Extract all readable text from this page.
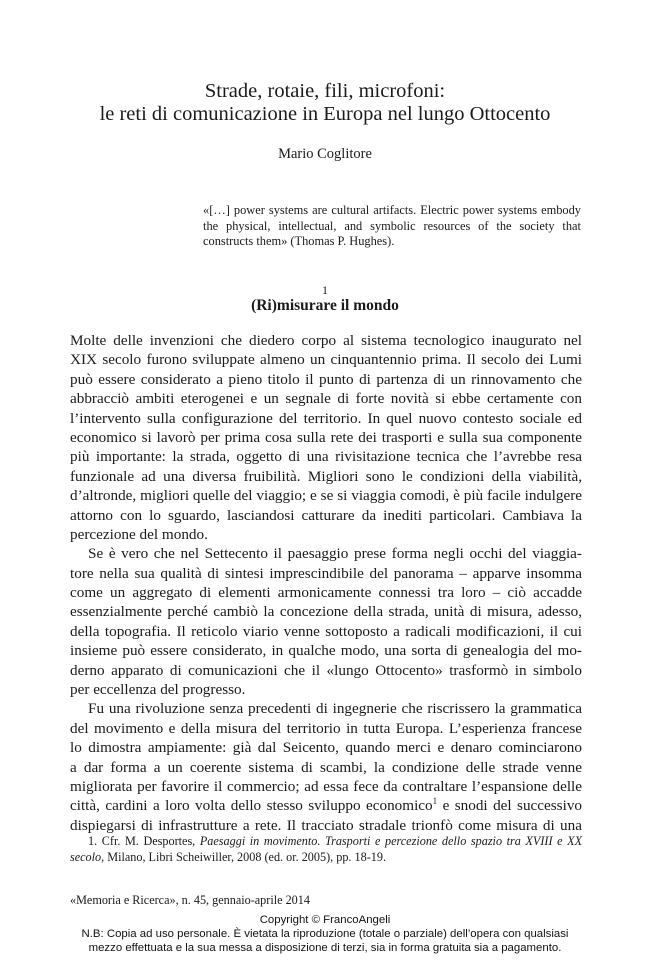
Strade, rotaie, fili, microfoni:
le reti di comunicazione in Europa nel lungo Ottocento
Mario Coglitore
«[…] power systems are cultural artifacts. Electric power systems embody the physical, intellectual, and symbolic resources of the society that constructs them» (Thomas P. Hughes).
1
(Ri)misurare il mondo
Molte delle invenzioni che diedero corpo al sistema tecnologico inaugurato nel
XIX secolo furono sviluppate almeno un cinquantennio prima. Il secolo dei Lumi
può essere considerato a pieno titolo il punto di partenza di un rinnovamento che
abbracciò ambiti eterogenei e un segnale di forte novità si ebbe certamente con
l’intervento sulla configurazione del territorio. In quel nuovo contesto sociale ed
economico si lavorò per prima cosa sulla rete dei trasporti e sulla sua componente
più importante: la strada, oggetto di una rivisitazione tecnica che l’avrebbe resa
funzionale ad una diversa fruibilità. Migliori sono le condizioni della viabilità,
d’altronde, migliori quelle del viaggio; e se si viaggia comodi, è più facile indulgere
attorno con lo sguardo, lasciandosi catturare da inediti particolari. Cambiava la
percezione del mondo.
Se è vero che nel Settecento il paesaggio prese forma negli occhi del viaggia-
tore nella sua qualità di sintesi imprescindibile del panorama – apparve insomma
come un aggregato di elementi armonicamente connessi tra loro – ciò accadde
essenzialmente perché cambiò la concezione della strada, unità di misura, adesso,
della topografia. Il reticolo viario venne sottoposto a radicali modificazioni, il cui
insieme può essere considerato, in qualche modo, una sorta di genealogia del mo-
derno apparato di comunicazioni che il «lungo Ottocento» trasformò in simbolo
per eccellenza del progresso.
Fu una rivoluzione senza precedenti di ingegnerie che riscrissero la grammatica
del movimento e della misura del territorio in tutta Europa. L’esperienza francese
lo dimostra ampiamente: già dal Seicento, quando merci e denaro cominciarono
a dar forma a un coerente sistema di scambi, la condizione delle strade venne
migliorata per favorire il commercio; ad essa fece da contraltare l’espansione delle
città, cardini a loro volta dello stesso sviluppo economico$^1$ e snodi del successivo
dispiegarsi di infrastrutture a rete. Il tracciato stradale trionfò come misura di una
1. Cfr. M. Desportes, Paesaggi in movimento. Trasporti e percezione dello spazio tra XVIII e XX
secolo, Milano, Libri Scheiwiller, 2008 (ed. or. 2005), pp. 18-19.
«Memoria e Ricerca», n. 45, gennaio-aprile 2014
Copyright © FrancoAngeli
N.B: Copia ad uso personale. È vietata la riproduzione (totale o parziale) dell’opera con qualsiasi
mezzo effettuata e la sua messa a disposizione di terzi, sia in forma gratuita sia a pagamento.
